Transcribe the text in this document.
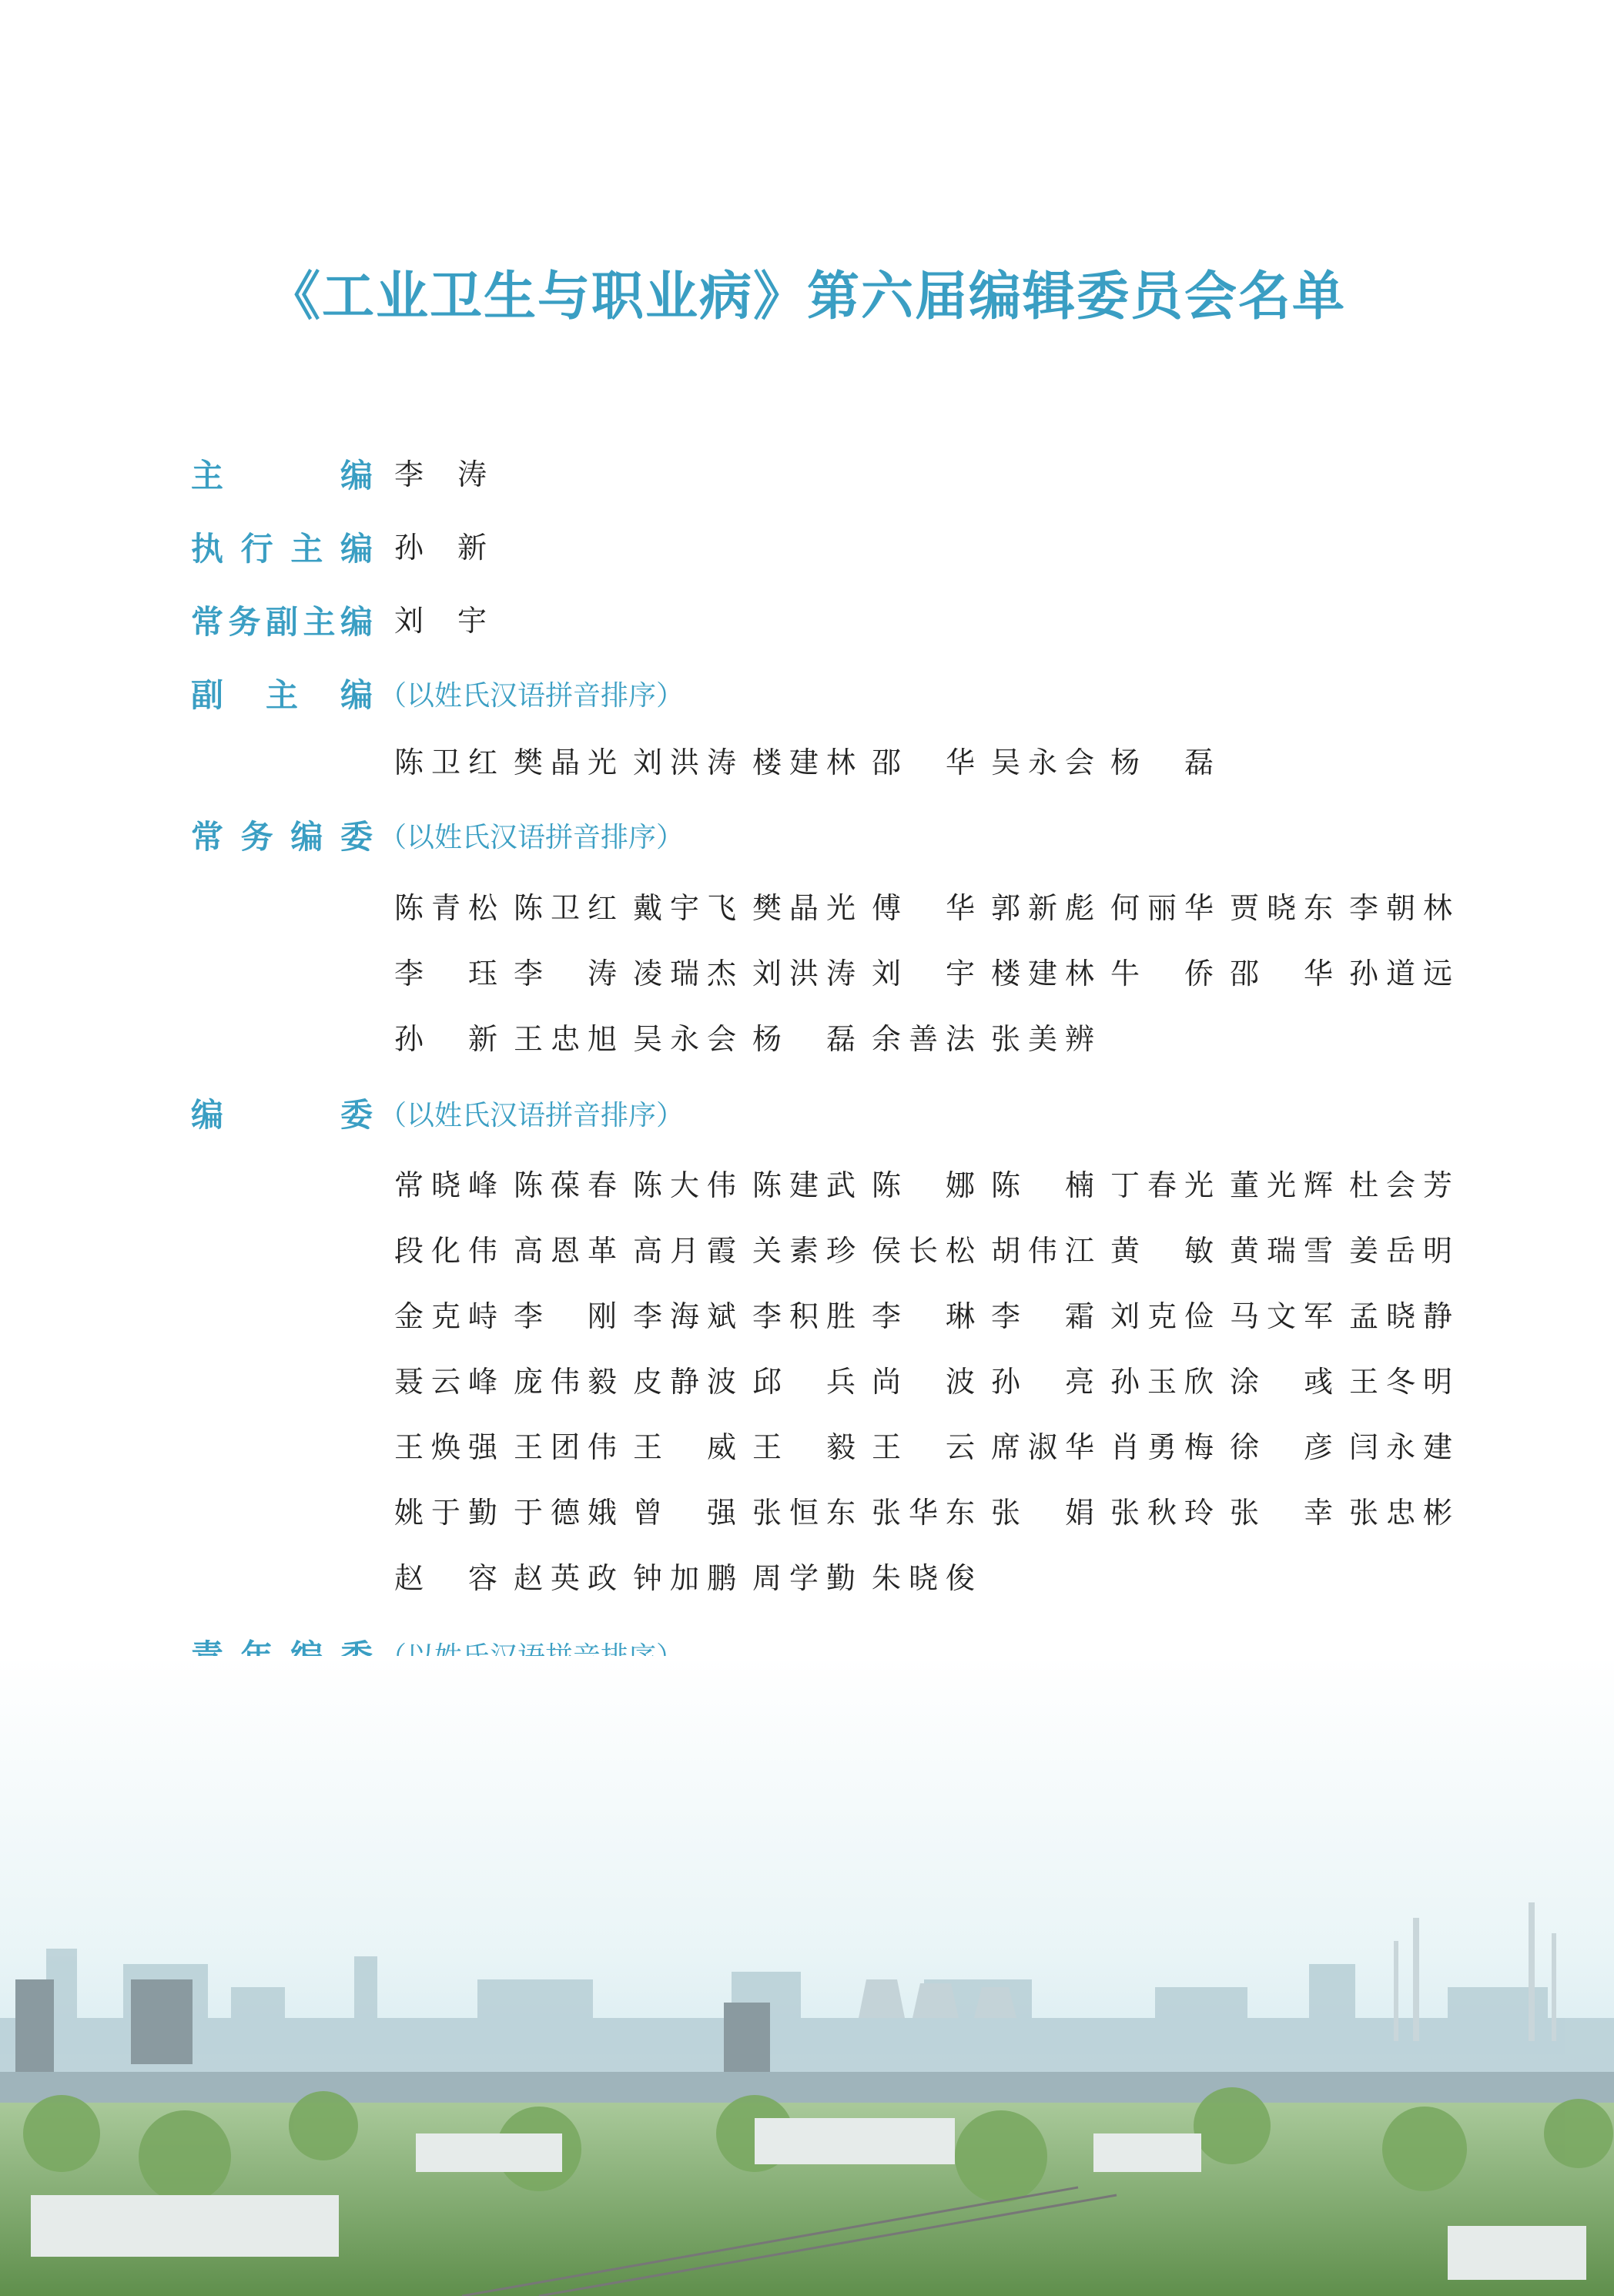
《工业卫生与职业病》第六届编辑委员会名单
主	编 李 涛
执 行 主 编 孙 新
常 务 副 主 编 刘 宇
副 主 编 （以姓氏汉语拼音排序）
陈 卫 红 樊 晶 光 刘 洪 涛 楼 建 林 邵 华 吴 永 会 杨 磊
常 务 编 委 （以姓氏汉语拼音排序）
陈 青 松 陈 卫 红 戴 宇 飞 樊 晶 光 傅 华 郭 新 彪 何 丽 华 贾 晓 东 李 朝 林
李 珏 李 涛 凌 瑞 杰 刘 洪 涛 刘 宇 楼 建 林 牛 侨 邵 华 孙 道 远
孙 新 王 忠 旭 吴 永 会 杨 磊 余 善 法 张 美 辨
编	委 （以姓氏汉语拼音排序）
常 晓 峰 陈 葆 春 陈 大 伟 陈 建 武 陈 娜 陈 楠 丁 春 光 董 光 辉 杜 会 芳
段 化 伟 高 恩 革 高 月 霞 关 素 珍 侯 长 松 胡 伟 江 黄 敏 黄 瑞 雪 姜 岳 明
金 克 峙 李 刚 李 海 斌 李 积 胜 李 琳 李 霜 刘 克 俭 马 文 军 孟 晓 静
聂 云 峰 庞 伟 毅 皮 静 波 邱 兵 尚 波 孙 亮 孙 玉 欣 涂 彧 王 冬 明
王 焕 强 王 团 伟 王 威 王 毅 王 云 席 淑 华 肖 勇 梅 徐 彦 闫 永 建
姚 于 勤 于 德 娥 曾 强 张 恒 东 张 华 东 张 娟 张 秋 玲 张 幸 张 忠 彬
赵 容 赵 英 政 钟 加 鹏 周 学 勤 朱 晓 俊
